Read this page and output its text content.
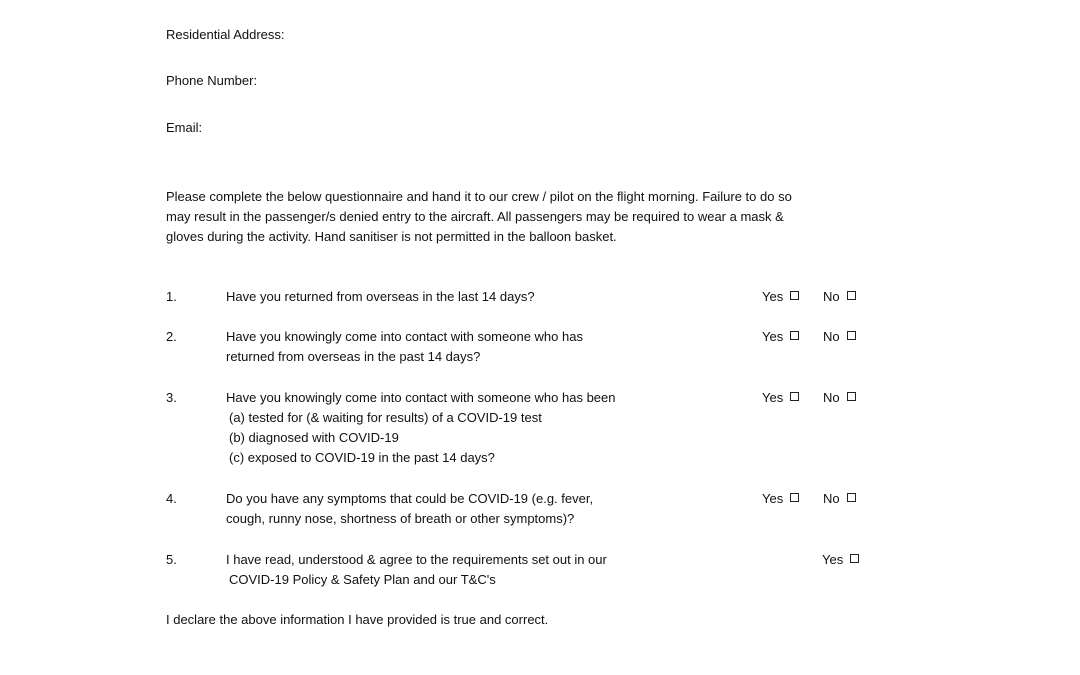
Residential Address:
Phone Number:
Email:
Please complete the below questionnaire and hand it to our crew / pilot on the flight morning. Failure to do so
may result in the passenger/s denied entry to the aircraft. All passengers may be required to wear a mask &
gloves during the activity. Hand sanitiser is not permitted in the balloon basket.
1.	Have you returned from overseas in the last 14 days?	Yes	No
2.	Have you knowingly come into contact with someone who has
returned from overseas in the past 14 days?
Yes	No
3.	Have you knowingly come into contact with someone who has been
(a) tested for (& waiting for results) of a COVID-19 test
(b) diagnosed with COVID-19
(c) exposed to COVID-19 in the past 14 days?
Yes	No
4.	Do you have any symptoms that could be COVID-19 (e.g. fever,
cough, runny nose, shortness of breath or other symptoms)?
Yes	No
5.	I have read, understood & agree to the requirements set out in our
COVID-19 Policy & Safety Plan and our T&C's
Yes
I declare the above information I have provided is true and correct.
